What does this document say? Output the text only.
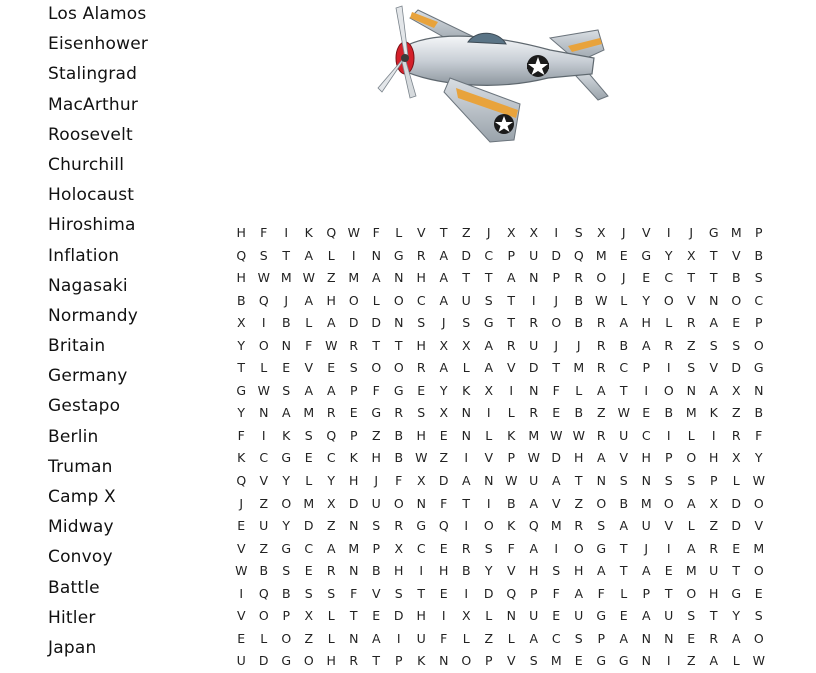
Los Alamos
Eisenhower
Stalingrad
MacArthur
Roosevelt
Churchill
Holocaust
Hiroshima
Inflation
Nagasaki
Normandy
Britain
Germany
Gestapo
Berlin
Truman
Camp X
Midway
Convoy
Battle
Hitler
Japan
H	F	I	K	Q W	F	L	V	T	Z	J	X	X	I	S	X	J	V	I	J	G M	P
Q	S	T	A	L	I	N	G	R	A	D	C	P	U	D	Q M	E	G	Y	X	T	V	B
H W M W Z	M	A	N	H	A	T	T	A	N	P	R	O	J	E	C	T	T	B	S
B	Q	J	A	H	O	L	O	C	A	U	S	T	I	J	B W	L	Y	O	V	N	O	C
X	I	B	L	A	D	D	N	S	J	S	G	T	R	O	B	R	A	H	L	R	A	E	P
Y	O	N	F	W R	T	T	H	X	X	A	R	U	J	J	R	B	A	R	Z	S	S	O
T	L	E	V	E	S	O	O	R	A	L	A	V	D	T	M	R	C	P	I	S	V	D	G
G W S	A	A	P	F	G	E	Y	K	X	I	N	F	L	A	T	I	O	N	A	X	N
Y	N	A	M	R	E	G	R	S	X	N	I	L	R	E	B	Z W E	B	M	K	Z	B
F	I	K	S	Q	P	Z	B	H	E	N	L	K	M W W R	U	C	I	L	I	R	F
K	C	G	E	C	K	H	B W Z	I	V	P	W D	H	A	V	H	P	O	H	X	Y
Q	V	Y	L	Y	H	J	F	X	D	A	N W U	A	T	N	S	N	S	S	P	L	W
J	Z	O M	X	D	U	O	N	F	T	I	B	A	V	Z	O	B	M O	A	X	D	O
E	U	Y	D	Z	N	S	R	G	Q	I	O	K	Q M	R	S	A	U	V	L	Z	D	V
V	Z	G	C	A	M	P	X	C	E	R	S	F	A	I	O	G	T	J	I	A	R	E	M
W B	S	E	R	N	B	H	I	H	B	Y	V	H	S	H	A	T	A	E	M	U	T	O
I	Q	B	S	S	F	V	S	T	E	I	D	Q	P	F	A	F	L	P	T	O	H	G	E
V	O	P	X	L	T	E	D	H	I	X	L	N	U	E	U	G	E	A	U	S	T	Y	S
E	L	O	Z	L	N	A	I	U	F	L	Z	L	A	C	S	P	A	N	N	E	R	A	O
U	D	G	O	H	R	T	P	K	N	O	P	V	S	M	E	G	G	N	I	Z	A	L	W
